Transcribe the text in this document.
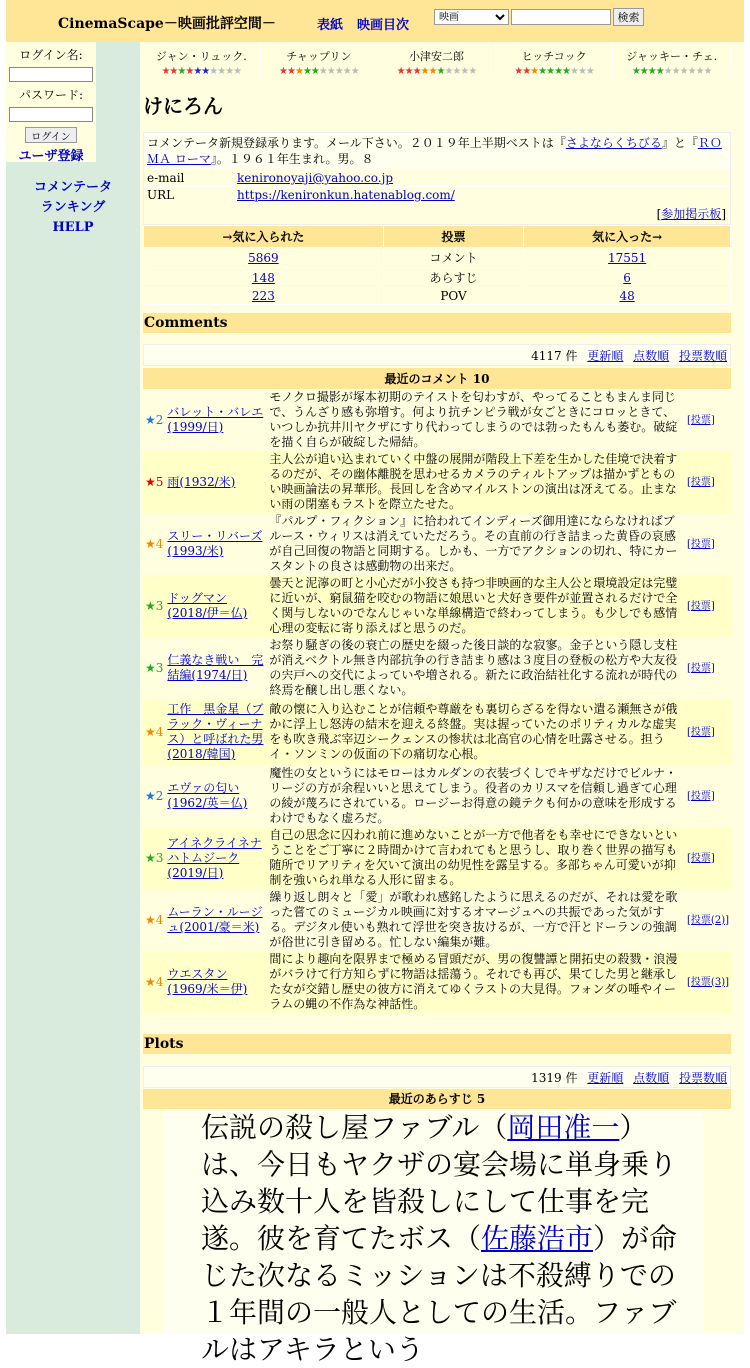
CinemaScape－映画批評空間－	表紙 映画目次
映画
検索
ログイン名:
パスワード:
ログイン
ユーザ登録
コメンテータ
ランキング
HELP
ジャン・リュック.
★★★★★★★★★★
チャップリン
★★★★★★★★★★
小津安二郎
★★★★★★★★★★
ヒッチコック
★★★★★★★★★★
ジャッキー・チェ.
★★★★★★★★★★
けにろん
コメンテータ新規登録承ります。メール下さい。２０１９年上半期ベストは『さよならくちびる』と『ＲＯＭＡ ローマ』。１９６１年生まれ。男。８
e-mail	kenironoyaji@yahoo.co.jp
URL	https://kenironkun.hatenablog.com/
[参加掲示板]
→気に入られた	投票	気に入った→
5869	コメント	17551
148	あらすじ	6
223	POV	48
Comments
4117 件 更新順 点数順 投票数順
最近のコメント 10			
★2	バレット・バレエ(1999/日)	モノクロ撮影が塚本初期のテイストを匂わすが、やってることもまんま同じで、うんざり感も弥増す。何より抗チンピラ戦が女ごときにコロッときて、いつしか抗井川ヤクザにすり代わってしまうのでは勃ったもんも萎む。破綻を描く自らが破綻した帰結。	[投票]
★5	雨(1932/米)	主人公が追い込まれていく中盤の展開が階段上下差を生かした佳境で決着するのだが、その幽体離脱を思わせるカメラのティルトアップは描かずとものい映画論法の昇華形。長回しを含めマイルストンの演出は冴えてる。止まない雨の閉塞もラストを際立たせた。	[投票]
★4	スリー・リバーズ(1993/米)	『パルプ・フィクション』に拾われてインディーズ御用達にならなければブルース・ウィリスは消えていただろう。その直前の行き詰まった黄昏の哀感が自己回復の物語と同期する。しかも、一方でアクションの切れ、特にカースタントの良さは感動物の出来だ。	[投票]
★3	ドッグマン(2018/伊＝仏)	曇天と泥濘の町と小心だが小狡さも持つ非映画的な主人公と環境設定は完璧に近いが、窮鼠猫を咬むの物語に娘思いと犬好き要件が並置されるだけで全く関与しないのでなんじゃいな単線構造で終わってしまう。も少しでも感情心理の変転に寄り添えばと思うのだ。	[投票]
★3	仁義なき戦い　完結編(1974/日)	お祭り騒ぎの後の衰亡の歴史を綴った後日談的な寂寥。金子という隠し支柱が消えベクトル無き内部抗争の行き詰まり感は３度目の登板の松方や大友役の宍戸への交代によっていや増される。新たに政治結社化する流れが時代の終焉を醸し出し悪くない。	[投票]
★4	工作　黒金星（ブラック・ヴィーナス）と呼ばれた男(2018/韓国)	敵の懐に入り込むことが信頼や尊厳をも裏切らざるを得ない遣る瀬無さが俄かに浮上し怒涛の結末を迎える終盤。実は握っていたのポリティカルな虚実をも吹き飛ぶ宰辺シークェンスの惨状は北高官の心情を吐露させる。担うイ・ソンミンの仮面の下の痛切な心根。	[投票]
★2	エヴァの匂い(1962/英＝仏)	魔性の女というにはモローはカルダンの衣装づくしでキザなだけでビルナ・リージの方が余程いいと思えてしまう。役者のカリスマを信頼し過ぎて心理の綾が蔑ろにされている。ロージーお得意の鏡テクも何かの意味を形成するわけでもなく虚ろだ。	[投票]
★3	アイネクライネナハトムジーク(2019/日)	自己の思念に囚われ前に進めないことが一方で他者をも幸せにできないということをご丁寧に２時間かけて言われてもと思うし、取り巻く世界の描写も随所でリアリティを欠いて演出の幼児性を露呈する。多部ちゃん可愛いが抑制を強いられ単なる人形に留まる。	[投票]
★4	ムーラン・ルージュ(2001/豪＝米)	繰り返し朗々と「愛」が歌われ感銘したように思えるのだが、それは愛を歌った嘗てのミュージカル映画に対するオマージュへの共振であった気がする。デジタル使いも熟れて浮世を突き抜けるが、一方で汗とドーランの強調が俗世に引き留める。忙しない編集が難。	[投票(2)]
★4	ウエスタン(1969/米＝伊)	間により趣向を限界まで極める冒頭だが、男の復讐譚と開拓史の殺戮・浪漫がバラけて行方知らずに物語は揺蕩う。それでも再び、果てした男と継承した女が交錯し歴史の彼方に消えてゆくラストの大見得。フォンダの唾やイーラムの蝿の不作為な神話性。	[投票(3)]
Plots
1319 件 更新順 点数順 投票数順
最近のあらすじ 5
伝説の殺し屋ファブル（岡田准一）は、今日もヤクザの宴会場に単身乗り込み数十人を皆殺しにして仕事を完遂。彼を育てたボス（佐藤浩市）が命じた次なるミッションは不殺縛りでの１年間の一般人としての生活。ファブルはアキラという
